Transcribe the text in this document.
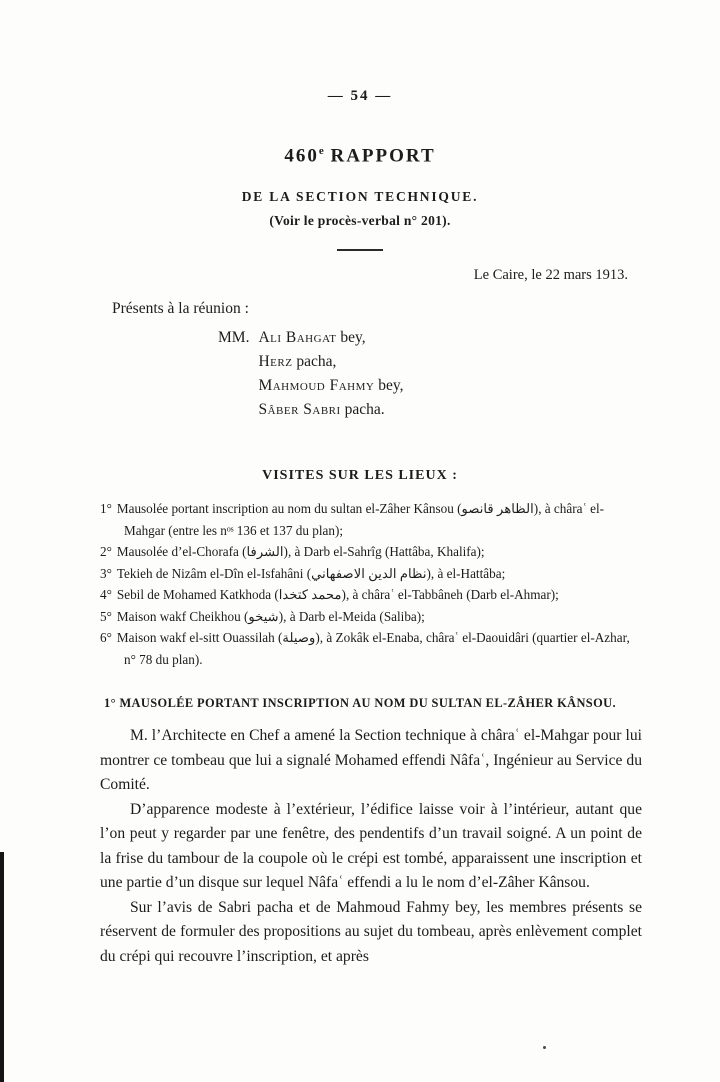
— 54 —
460e RAPPORT
DE LA SECTION TECHNIQUE.
(Voir le procès-verbal n° 201).
Le Caire, le 22 mars 1913.
Présents à la réunion :
MM. Ali Bahgat bey,
Herz pacha,
Mahmoud Fahmy bey,
Sâber Sabri pacha.
VISITES SUR LES LIEUX :
1° Mausolée portant inscription au nom du sultan el-Zâher Kânsou (الظاهر قانصو), à châraʿ el-Mahgar (entre les nᵒˢ 136 et 137 du plan);
2° Mausolée d’el-Chorafa (الشرفا), à Darb el-Sahrîg (Hattâba, Khalifa);
3° Tekieh de Nizâm el-Dîn el-Isfahâni (نظام الدين الاصفهاني), à el-Hattâba;
4° Sebil de Mohamed Katkhoda (محمد كتخدا), à châraʿ el-Tabbâneh (Darb el-Ahmar);
5° Maison wakf Cheikhou (شيخو), à Darb el-Meida (Saliba);
6° Maison wakf el-sitt Ouassilah (وصيلة), à Zokâk el-Enaba, châraʿ el-Daouidâri (quartier el-Azhar, n° 78 du plan).
1° MAUSOLÉE PORTANT INSCRIPTION AU NOM DU SULTAN EL-ZÂHER KÂNSOU.

M. l’Architecte en Chef a amené la Section technique à châraʿ el-Mahgar pour lui montrer ce tombeau que lui a signalé Mohamed effendi Nâfaʿ, Ingénieur au Service du Comité.

D’apparence modeste à l’extérieur, l’édifice laisse voir à l’intérieur, autant que l’on peut y regarder par une fenêtre, des pendentifs d’un travail soigné. A un point de la frise du tambour de la coupole où le crépi est tombé, apparaissent une inscription et une partie d’un disque sur lequel Nâfaʿ effendi a lu le nom d’el-Zâher Kânsou.

Sur l’avis de Sabri pacha et de Mahmoud Fahmy bey, les membres présents se réservent de formuler des propositions au sujet du tombeau, après enlèvement complet du crépi qui recouvre l’inscription, et après
